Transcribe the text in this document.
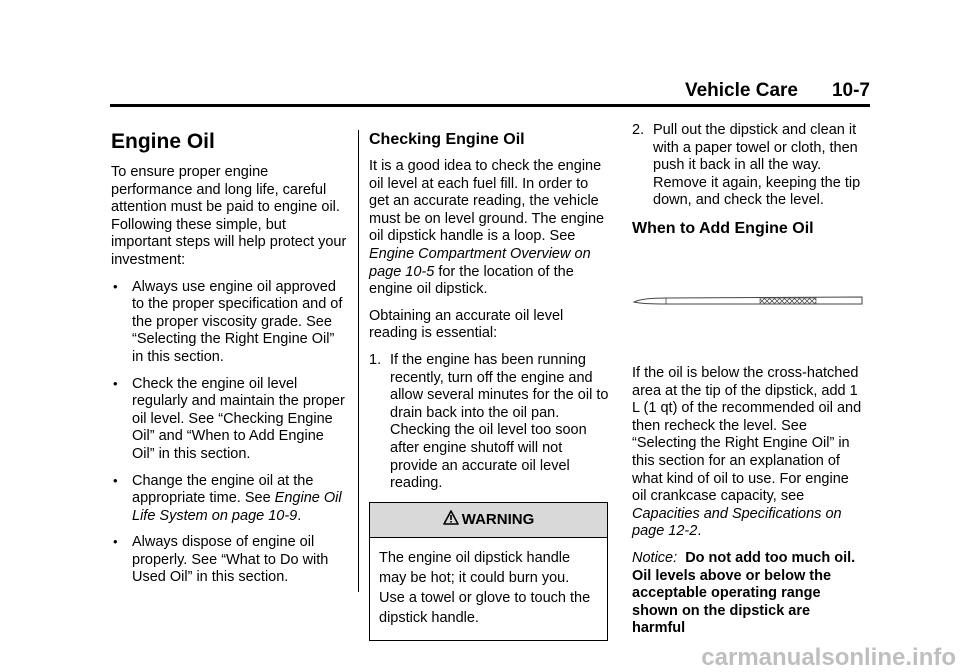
Vehicle Care 10-7
Engine Oil

To ensure proper engine performance and long life, careful attention must be paid to engine oil. Following these simple, but important steps will help protect your investment:

• Always use engine oil approved to the proper specification and of the proper viscosity grade. See “Selecting the Right Engine Oil” in this section.
• Check the engine oil level regularly and maintain the proper oil level. See “Checking Engine Oil” and “When to Add Engine Oil” in this section.
• Change the engine oil at the appropriate time. See Engine Oil Life System on page 10-9.
• Always dispose of engine oil properly. See “What to Do with Used Oil” in this section.
Checking Engine Oil

It is a good idea to check the engine oil level at each fuel fill. In order to get an accurate reading, the vehicle must be on level ground. The engine oil dipstick handle is a loop. See Engine Compartment Overview on page 10-5 for the location of the engine oil dipstick.

Obtaining an accurate oil level reading is essential:

1. If the engine has been running recently, turn off the engine and allow several minutes for the oil to drain back into the oil pan. Checking the oil level too soon after engine shutoff will not provide an accurate oil level reading.
WARNING
The engine oil dipstick handle may be hot; it could burn you. Use a towel or glove to touch the dipstick handle.
2. Pull out the dipstick and clean it with a paper towel or cloth, then push it back in all the way. Remove it again, keeping the tip down, and check the level.
When to Add Engine Oil

If the oil is below the cross-hatched area at the tip of the dipstick, add 1 L (1 qt) of the recommended oil and then recheck the level. See “Selecting the Right Engine Oil” in this section for an explanation of what kind of oil to use. For engine oil crankcase capacity, see Capacities and Specifications on page 12-2.

Notice: Do not add too much oil. Oil levels above or below the acceptable operating range shown on the dipstick are harmful

carmanualsonline.info
